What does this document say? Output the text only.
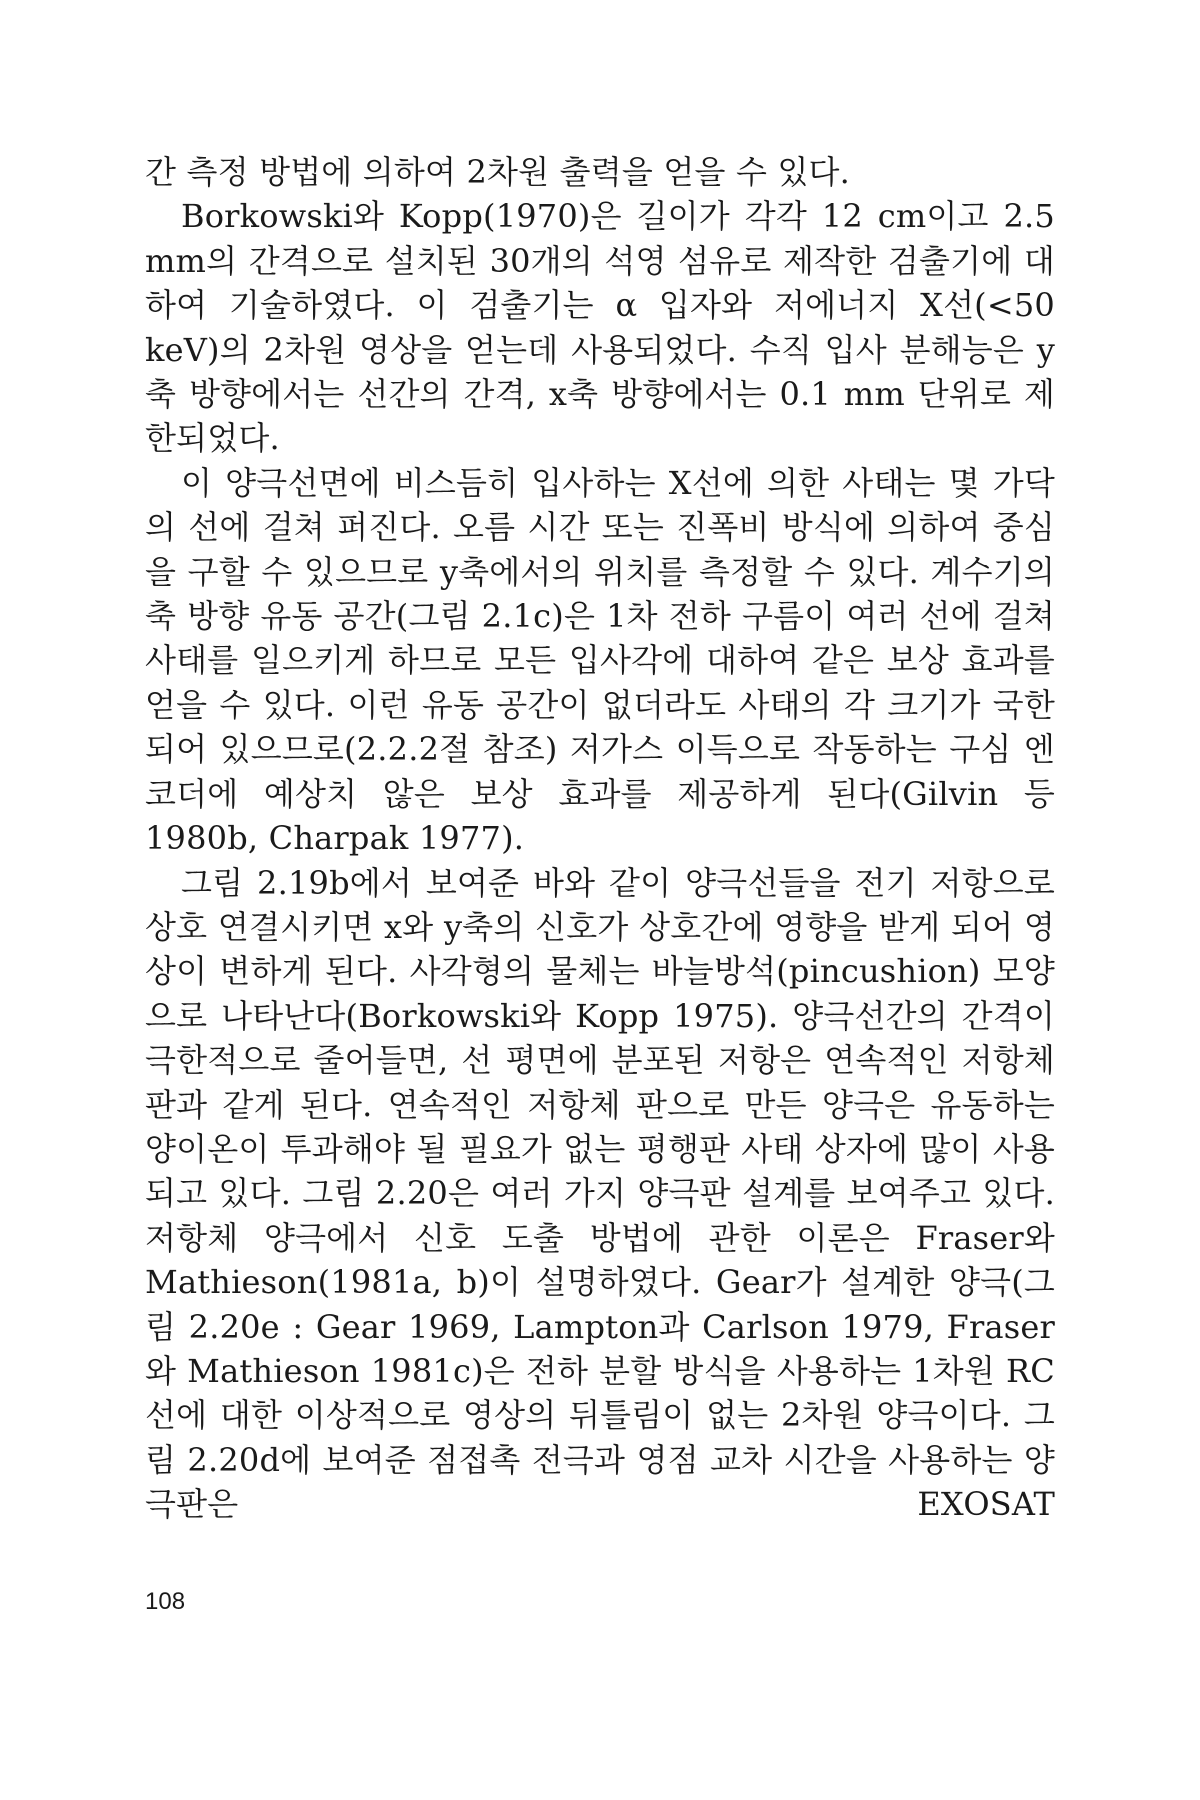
간 측정 방법에 의하여 2차원 출력을 얻을 수 있다.

Borkowski와 Kopp(1970)은 길이가 각각 12 cm이고 2.5 mm의 간격으로 설치된 30개의 석영 섬유로 제작한 검출기에 대하여 기술하였다. 이 검출기는 α 입자와 저에너지 X선(<50 keV)의 2차원 영상을 얻는데 사용되었다. 수직 입사 분해능은 y축 방향에서는 선간의 간격, x축 방향에서는 0.1 mm 단위로 제한되었다.

이 양극선면에 비스듬히 입사하는 X선에 의한 사태는 몇 가닥의 선에 걸쳐 퍼진다. 오름 시간 또는 진폭비 방식에 의하여 중심을 구할 수 있으므로 y축에서의 위치를 측정할 수 있다. 계수기의 축 방향 유동 공간(그림 2.1c)은 1차 전하 구름이 여러 선에 걸쳐 사태를 일으키게 하므로 모든 입사각에 대하여 같은 보상 효과를 얻을 수 있다. 이런 유동 공간이 없더라도 사태의 각 크기가 국한되어 있으므로(2.2.2절 참조) 저가스 이득으로 작동하는 구심 엔코더에 예상치 않은 보상 효과를 제공하게 된다(Gilvin 등 1980b, Charpak 1977).

그림 2.19b에서 보여준 바와 같이 양극선들을 전기 저항으로 상호 연결시키면 x와 y축의 신호가 상호간에 영향을 받게 되어 영상이 변하게 된다. 사각형의 물체는 바늘방석(pincushion) 모양으로 나타난다(Borkowski와 Kopp 1975). 양극선간의 간격이 극한적으로 줄어들면, 선 평면에 분포된 저항은 연속적인 저항체 판과 같게 된다. 연속적인 저항체 판으로 만든 양극은 유동하는 양이온이 투과해야 될 필요가 없는 평행판 사태 상자에 많이 사용되고 있다. 그림 2.20은 여러 가지 양극판 설계를 보여주고 있다. 저항체 양극에서 신호 도출 방법에 관한 이론은 Fraser와 Mathieson(1981a, b)이 설명하였다. Gear가 설계한 양극(그림 2.20e : Gear 1969, Lampton과 Carlson 1979, Fraser와 Mathieson 1981c)은 전하 분할 방식을 사용하는 1차원 RC선에 대한 이상적으로 영상의 뒤틀림이 없는 2차원 양극이다. 그림 2.20d에 보여준 점접촉 전극과 영점 교차 시간을 사용하는 양극판은 EXOSAT

108
